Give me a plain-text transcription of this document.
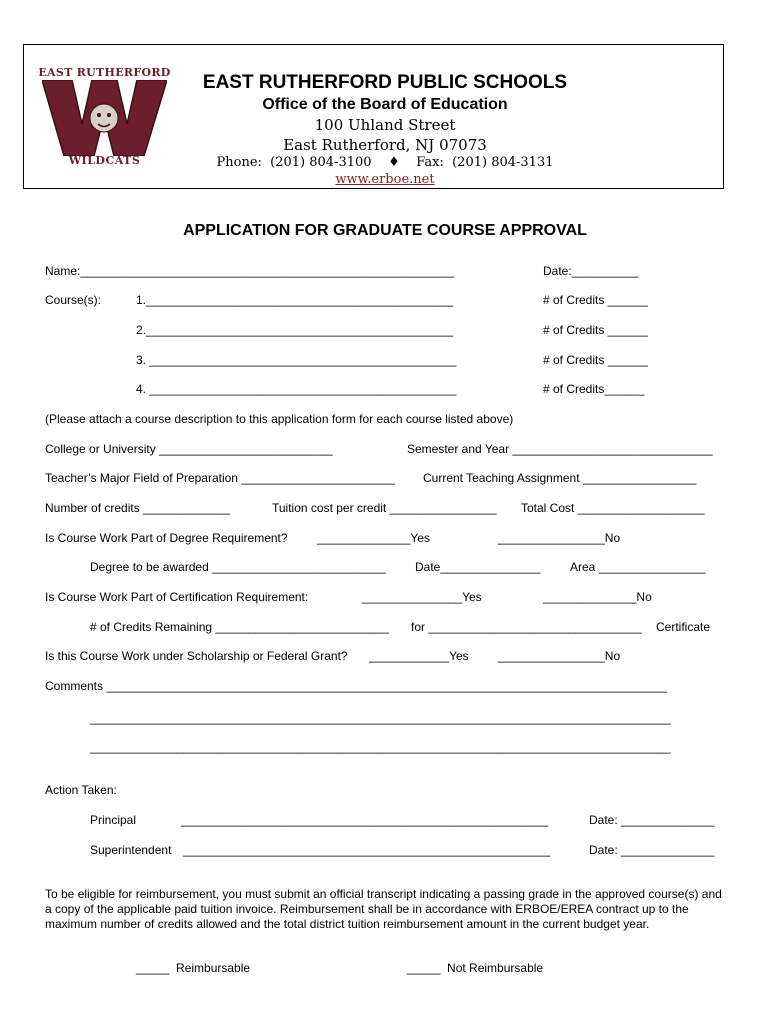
EAST RUTHERFORD
WILDCATS
EAST RUTHERFORD PUBLIC SCHOOLS
Office of the Board of Education
100 Uhland Street
East Rutherford, NJ 07073
Phone:  (201) 804-3100    ♦    Fax:  (201) 804-3131
www.erboe.net
APPLICATION FOR GRADUATE COURSE APPROVAL
Name:________________________________________________________	Date:__________
Course(s):	1.______________________________________________	# of Credits ______
2.______________________________________________	# of Credits ______
3. ______________________________________________	# of Credits ______
4. ______________________________________________	# of Credits______
(Please attach a course description to this application form for each course listed above)
College or University __________________________	Semester and Year ______________________________
Teacher’s Major Field of Preparation _______________________ Current Teaching Assignment _________________
Number of credits _____________	Tuition cost per credit ________________ Total Cost ___________________
Is Course Work Part of Degree Requirement? ______________Yes	________________No
Degree to be awarded __________________________ Date_______________ Area ________________
Is Course Work Part of Certification Requirement:	_______________Yes	______________No
# of Credits Remaining __________________________ for ________________________________ Certificate
Is this Course Work under Scholarship or Federal Grant? ____________Yes ________________No
Comments ____________________________________________________________________________________
_______________________________________________________________________________________
_______________________________________________________________________________________
Action Taken:
Principal	_______________________________________________________	Date: ______________
Superintendent _______________________________________________________	Date: ______________
To be eligible for reimbursement, you must submit an official transcript indicating a passing grade in the approved course(s) and a copy of the applicable paid tuition invoice. Reimbursement shall be in accordance with ERBOE/EREA contract up to the maximum number of credits allowed and the total district tuition reimbursement amount in the current budget year.
_____  Reimbursable	_____  Not Reimbursable
